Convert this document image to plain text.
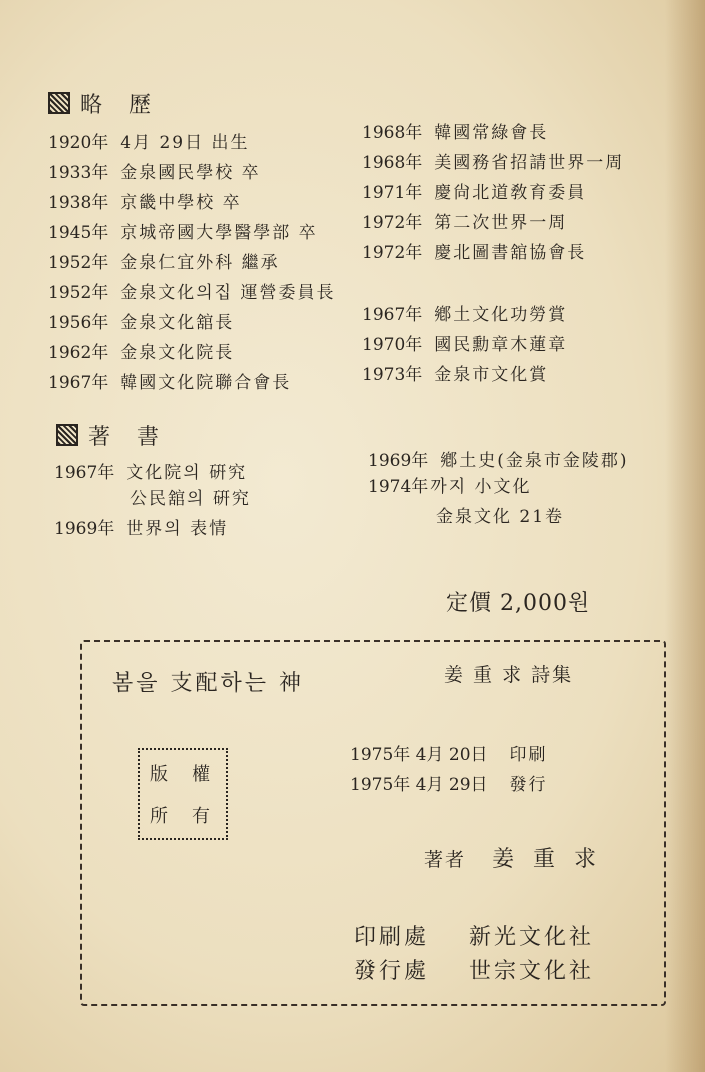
略 歷
1920年 4月 29日 出生
1933年 金泉國民學校 卒
1938年 京畿中學校 卒
1945年 京城帝國大學醫學部 卒
1952年 金泉仁宜外科 繼承
1952年 金泉文化의집 運營委員長
1956年 金泉文化舘長
1962年 金泉文化院長
1967年 韓國文化院聯合會長
1968年 韓國常綠會長
1968年 美國務省招請世界一周
1971年 慶尙北道敎育委員
1972年 第二次世界一周
1972年 慶北圖書舘協會長
1967年 鄕土文化功勞賞
1970年 國民勳章木蓮章
1973年 金泉市文化賞
著 書
1967年 文化院의 硏究
公民舘의 硏究
1969年 世界의 表情
1969年 鄕土史(金泉市金陵郡)
1974年 까지 小文化
金泉文化 21卷
定價 2,000원
봄을 支配하는 神	姜 重 求 詩集
版 權
所 有
1975年 4月 20日 印刷
1975年 4月 29日 發行
著者 姜 重 求
印刷處 新光文化社
發行處 世宗文化社
